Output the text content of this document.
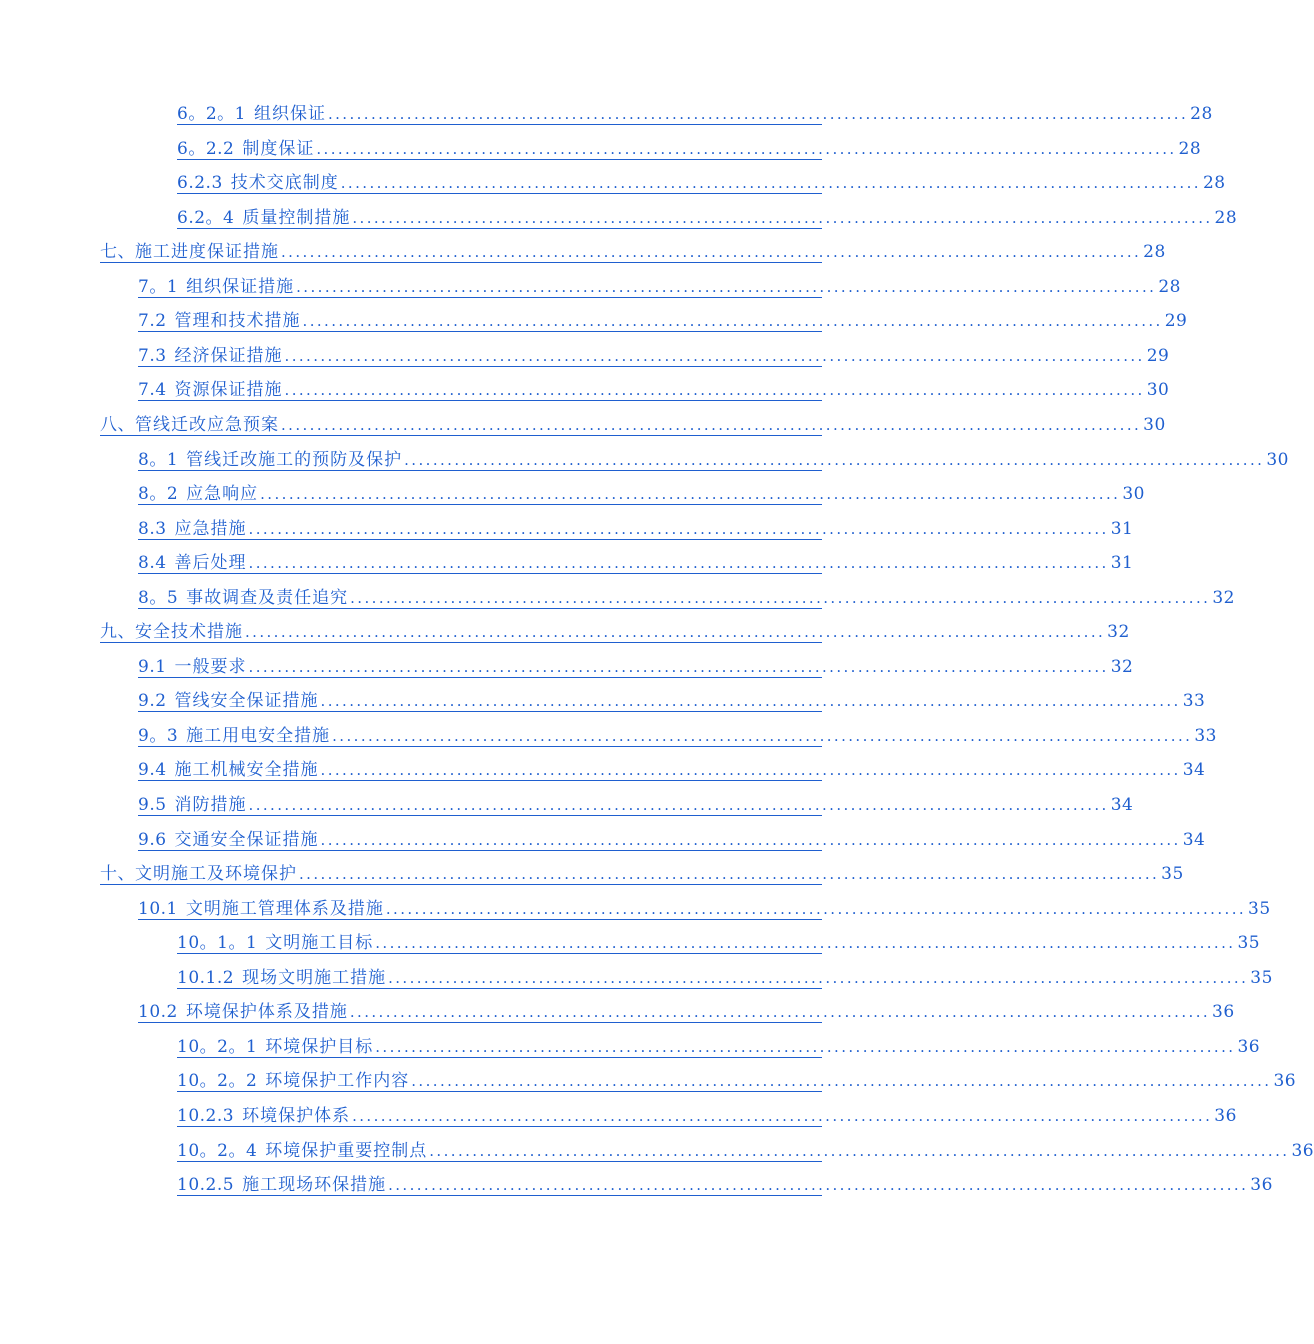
6。2。1 组织保证 ........................................................................................................................ 28
6。2.2 制度保证 ........................................................................................................................ 28
6.2.3 技术交底制度 ........................................................................................................................ 28
6.2。4 质量控制措施 ........................................................................................................................ 28
七、 施工进度保证措施 ........................................................................................................................ 28
7。1 组织保证措施 ........................................................................................................................ 28
7.2 管理和技术措施 ........................................................................................................................ 29
7.3 经济保证措施 ........................................................................................................................ 29
7.4 资源保证措施 ........................................................................................................................ 30
八、 管线迁改应急预案 ........................................................................................................................ 30
8。1 管线迁改施工的预防及保护 ........................................................................................................................ 30
8。2 应急响应 ........................................................................................................................ 30
8.3 应急措施 ........................................................................................................................ 31
8.4 善后处理 ........................................................................................................................ 31
8。5 事故调查及责任追究 ........................................................................................................................ 32
九、 安全技术措施 ........................................................................................................................ 32
9.1 一般要求 ........................................................................................................................ 32
9.2 管线安全保证措施 ........................................................................................................................ 33
9。3 施工用电安全措施 ........................................................................................................................ 33
9.4 施工机械安全措施 ........................................................................................................................ 34
9.5 消防措施 ........................................................................................................................ 34
9.6 交通安全保证措施 ........................................................................................................................ 34
十、 文明施工及环境保护 ........................................................................................................................ 35
10.1 文明施工管理体系及措施 ........................................................................................................................ 35
10。1。1 文明施工目标 ........................................................................................................................ 35
10.1.2 现场文明施工措施 ........................................................................................................................ 35
10.2 环境保护体系及措施 ........................................................................................................................ 36
10。2。1 环境保护目标 ........................................................................................................................ 36
10。2。2 环境保护工作内容 ........................................................................................................................ 36
10.2.3 环境保护体系 ........................................................................................................................ 36
10。2。4 环境保护重要控制点 ........................................................................................................................ 36
10.2.5 施工现场环保措施 ........................................................................................................................ 36
